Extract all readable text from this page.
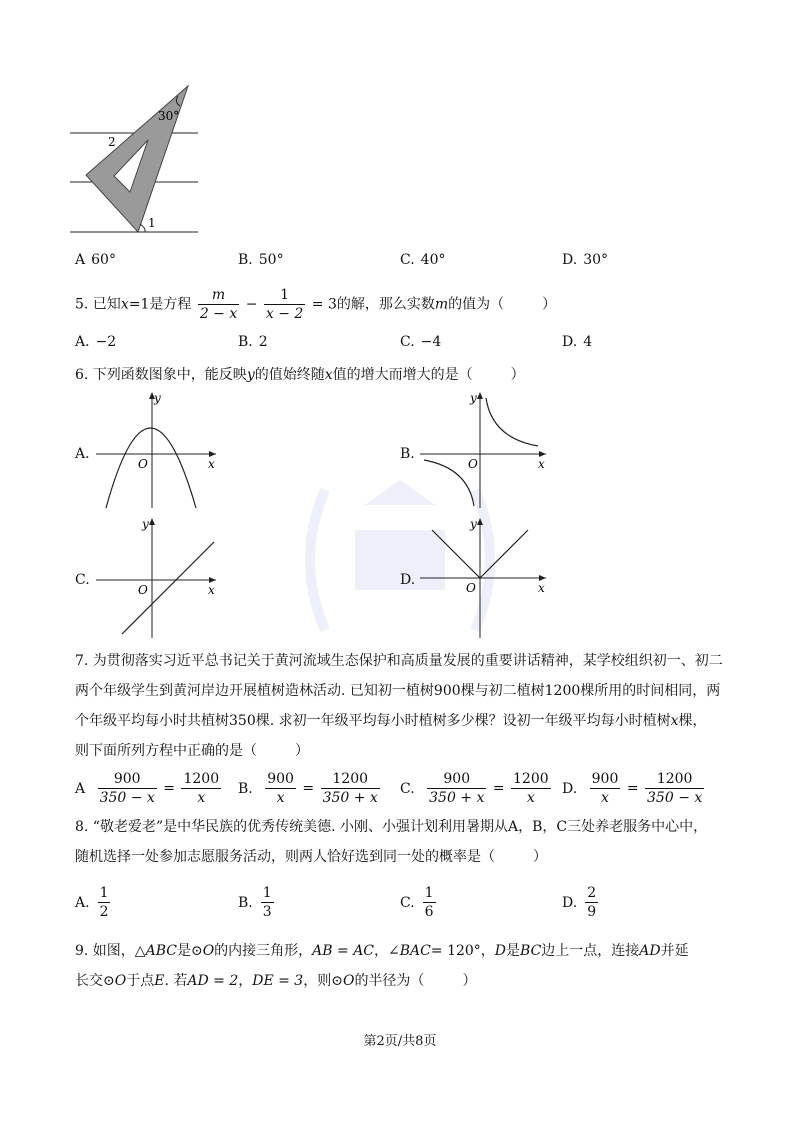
30°
2
1
A 60°	B. 50°	C. 40°	D. 30°
5. 已知x=1是方程 $\frac{m}{2 - x} - \frac{1}{x - 2} = 3$的解，那么实数m的值为（	）
A. −2	B. 2	C. −4	D. 4
6. 下列函数图象中，能反映y的值始终随x值的增大而增大的是（	）
A.
y
x
O
B.
y
x
O
C.
y
x
O
D.
y
x
O
7. 为贯彻落实习近平总书记关于黄河流域生态保护和高质量发展的重要讲话精神，某学校组织初一、初二
两个年级学生到黄河岸边开展植树造林活动. 已知初一植树900棵与初二植树1200棵所用的时间相同，两
个年级平均每小时共植树350棵. 求初一年级平均每小时植树多少棵？设初一年级平均每小时植树x棵，
则下面所列方程中正确的是（	）
A $\frac{900}{350 - x} = \frac{1200}{x} B$. $\frac{900}{x} = \frac{1200}{350 + x} C$. $\frac{900}{350 + x} = \frac{1200}{x} D$. $\frac{900}{x} = \frac{1200}{350 - x}$
8. “敬老爱老”是中华民族的优秀传统美德. 小刚、小强计划利用暑期从A，B，C三处养老服务中心中，
随机选择一处参加志愿服务活动，则两人恰好选到同一处的概率是（	）
A. $\frac{1}{2}$	B. $\frac{1}{3}$	C. $\frac{1}{6}$	D. $\frac{2}{9}$
9. 如图，△ABC是⊙O的内接三角形，AB = AC，∠BAC= 120°，D是BC边上一点，连接AD并延
长交⊙O于点E. 若AD = 2，DE = 3，则⊙O的半径为（	）
第2页/共8页
